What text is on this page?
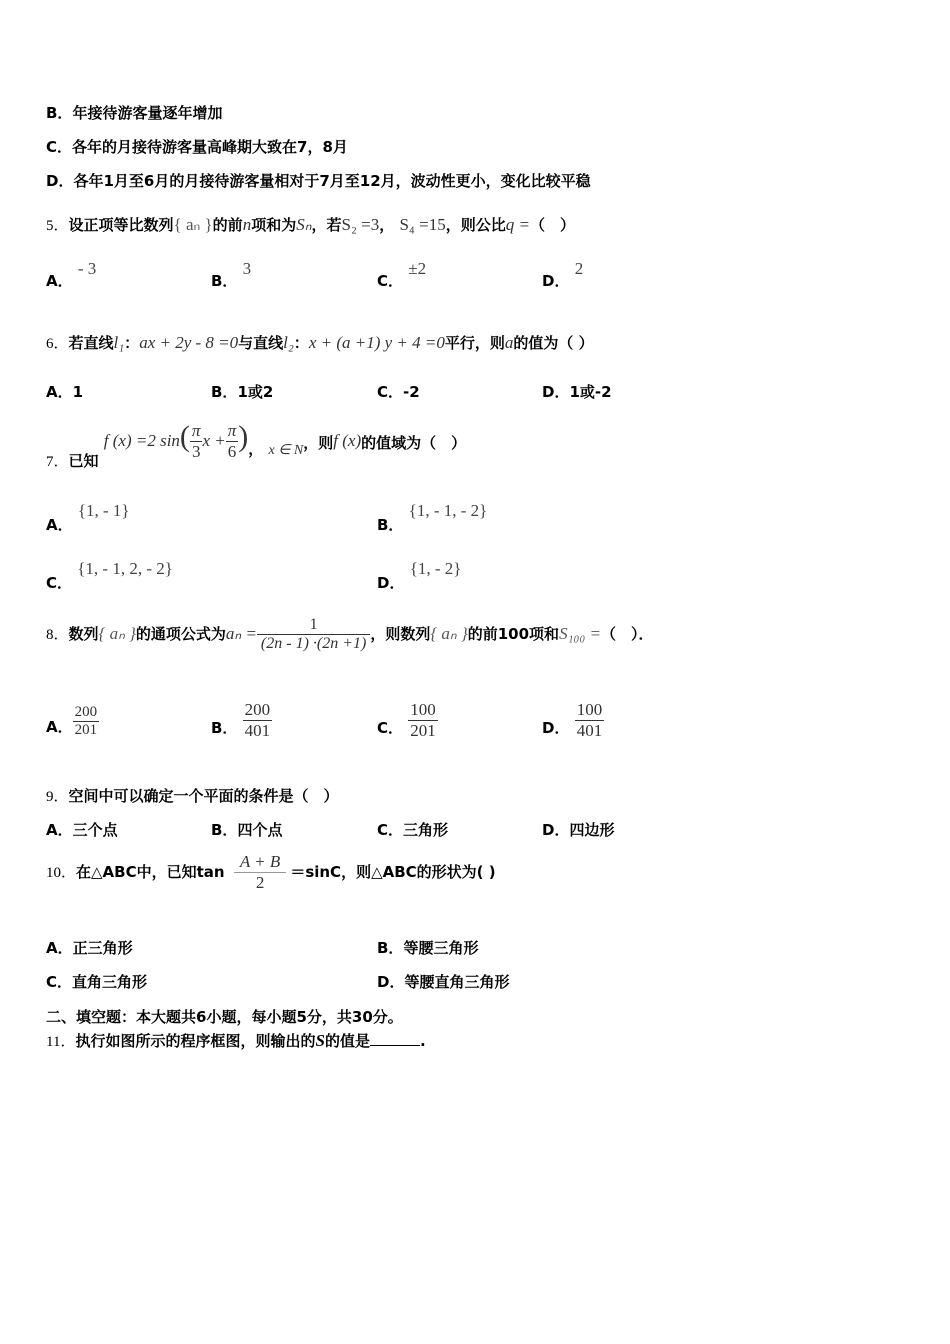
B．年接待游客量逐年增加
C．各年的月接待游客量高峰期大致在7，8月
D．各年1月至6月的月接待游客量相对于7月至12月，波动性更小，变化比较平稳
5．设正项等比数列{ aₙ }的前n项和为Sₙ，若S₂ =3， S₄ =15，则公比q =（　）
A． - 3
B． 3
C． ±2
D． 2
6．若直线l₁：ax + 2y - 8 =0与直线l₂：x + (a +1) y + 4 =0平行，则a的值为（ ）
A．1	B．1或2	C．-2	D．1或-2
7．已知 f (x) =2 $\sin( \frac{\pi}{3}$ $x + \frac{\pi}{6}$ )， x ∈ N，则f (x)的值域为（　）
A． {1, - 1}
B． {1, - 1, - 2}
C． {1, - 1, 2, - 2}
D． {1, - 2}
8．数列{ aₙ }的通项公式为$a_n = \frac{1}{(2n - 1) \cdot(2n +1)}$ ，则数列{ aₙ }的前100项和S₁₀₀ =（　）．
A． $\frac{200}{201}$	B． $\frac{200}{401}$	C． $\frac{100}{201}$	D． $\frac{100}{401}$
9．空间中可以确定一个平面的条件是（　）
A．三个点	B．四个点	C．三角形	D．四边形
10．在△ABC中，已知$\tan \frac{A + B}{2} =\sin C$，则△ABC的形状为( )
A．正三角形	B．等腰三角形
C．直角三角形	D．等腰直角三角形
二、填空题：本大题共6小题，每小题5分，共30分。
11．执行如图所示的程序框图，则输出的S的值是	.
